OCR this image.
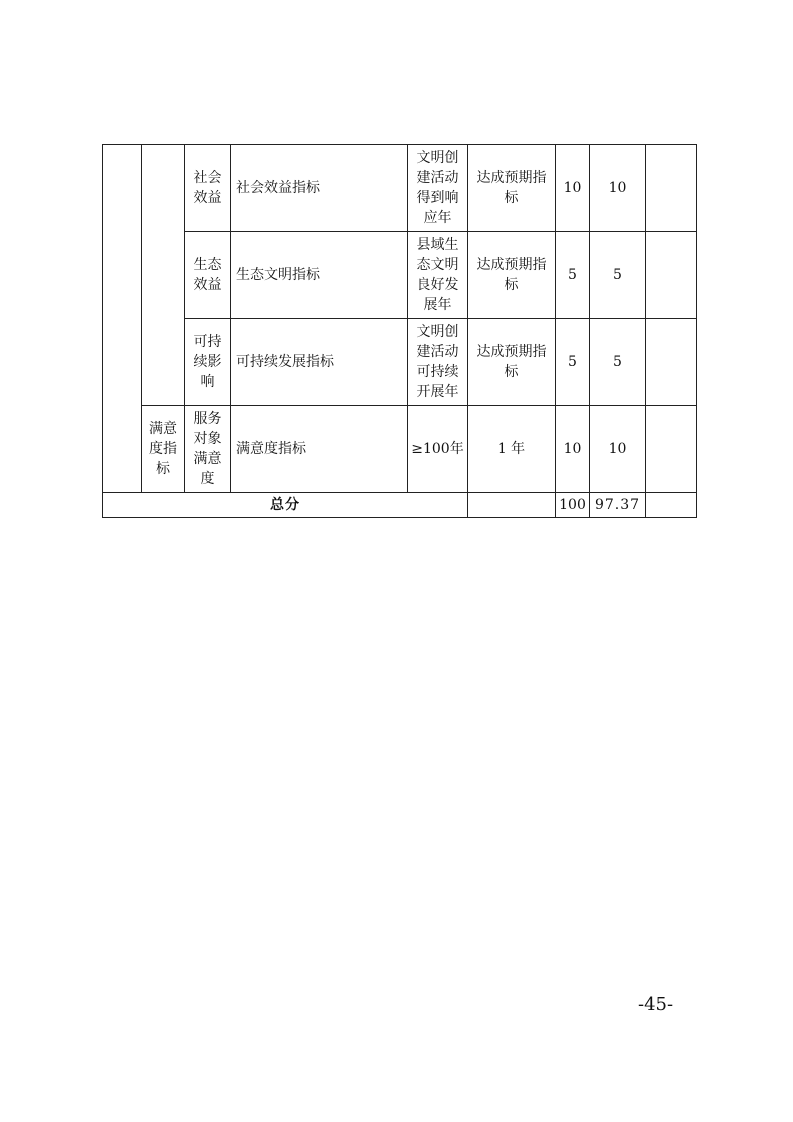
		社会效益	社会效益指标	文明创建活动得到响应年	达成预期指标	10	10	
		生态效益	生态文明指标	县域生态文明良好发展年	达成预期指标	5	5	
		可持续影响	可持续发展指标	文明创建活动可持续开展年	达成预期指标	5	5	
	满意度指标	服务对象满意度	满意度指标	≥100年	1 年	10	10	
总分						100	97.37	
-45-
